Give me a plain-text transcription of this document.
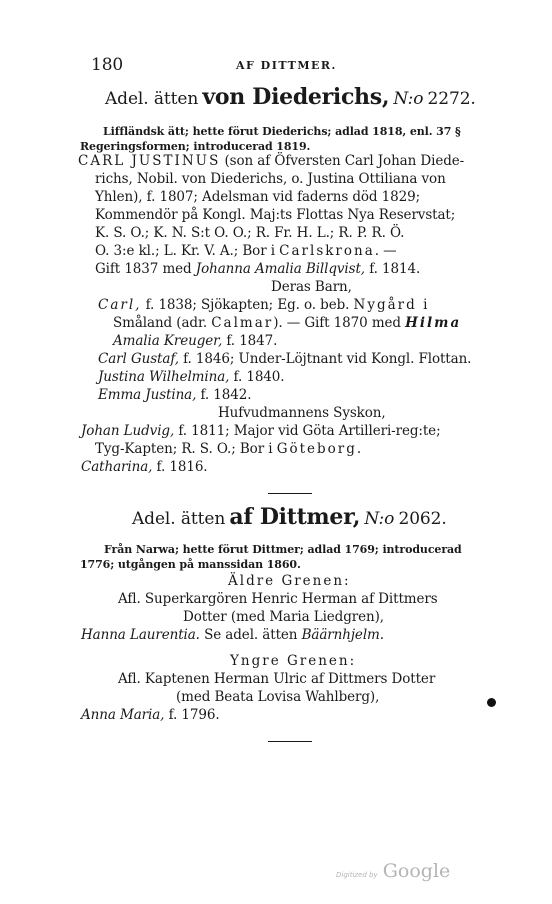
180	AF DITTMER.
Adel. ätten von Diederichs, N:o 2272.
Liffländsk ätt; hette förut Diederichs; adlad 1818, enl. 37 §
Regeringsformen; introducerad 1819.
CARL JUSTINUS (son af Öfversten Carl Johan Diede-
richs, Nobil. von Diederichs, o. Justina Ottiliana von
Yhlen), f. 1807; Adelsman vid faderns död 1829;
Kommendör på Kongl. Maj:ts Flottas Nya Reservstat;
K. S. O.; K. N. S:t O. O.; R. Fr. H. L.; R. P. R. Ö.
O. 3:e kl.; L. Kr. V. A.; Bor i Carlskrona. —
Gift 1837 med Johanna Amalia Billqvist, f. 1814.
Deras Barn,
Carl, f. 1838; Sjökapten; Eg. o. beb. Nygård i
Småland (adr. Calmar). — Gift 1870 med Hilma
Amalia Kreuger, f. 1847.
Carl Gustaf, f. 1846; Under-Löjtnant vid Kongl. Flottan.
Justina Wilhelmina, f. 1840.
Emma Justina, f. 1842.
Hufvudmannens Syskon,
Johan Ludvig, f. 1811; Major vid Göta Artilleri-reg:te;
Tyg-Kapten; R. S. O.; Bor i Göteborg.
Catharina, f. 1816.
Adel. ätten af Dittmer, N:o 2062.
Från Narwa; hette förut Dittmer; adlad 1769; introducerad
1776; utgången på manssidan 1860.
Äldre Grenen:
Afl. Superkargören Henric Herman af Dittmers
Dotter (med Maria Liedgren),
Hanna Laurentia. Se adel. ätten Bäärnhjelm.
Yngre Grenen:
Afl. Kaptenen Herman Ulric af Dittmers Dotter
(med Beata Lovisa Wahlberg),
Anna Maria, f. 1796.
Digitized by Google
